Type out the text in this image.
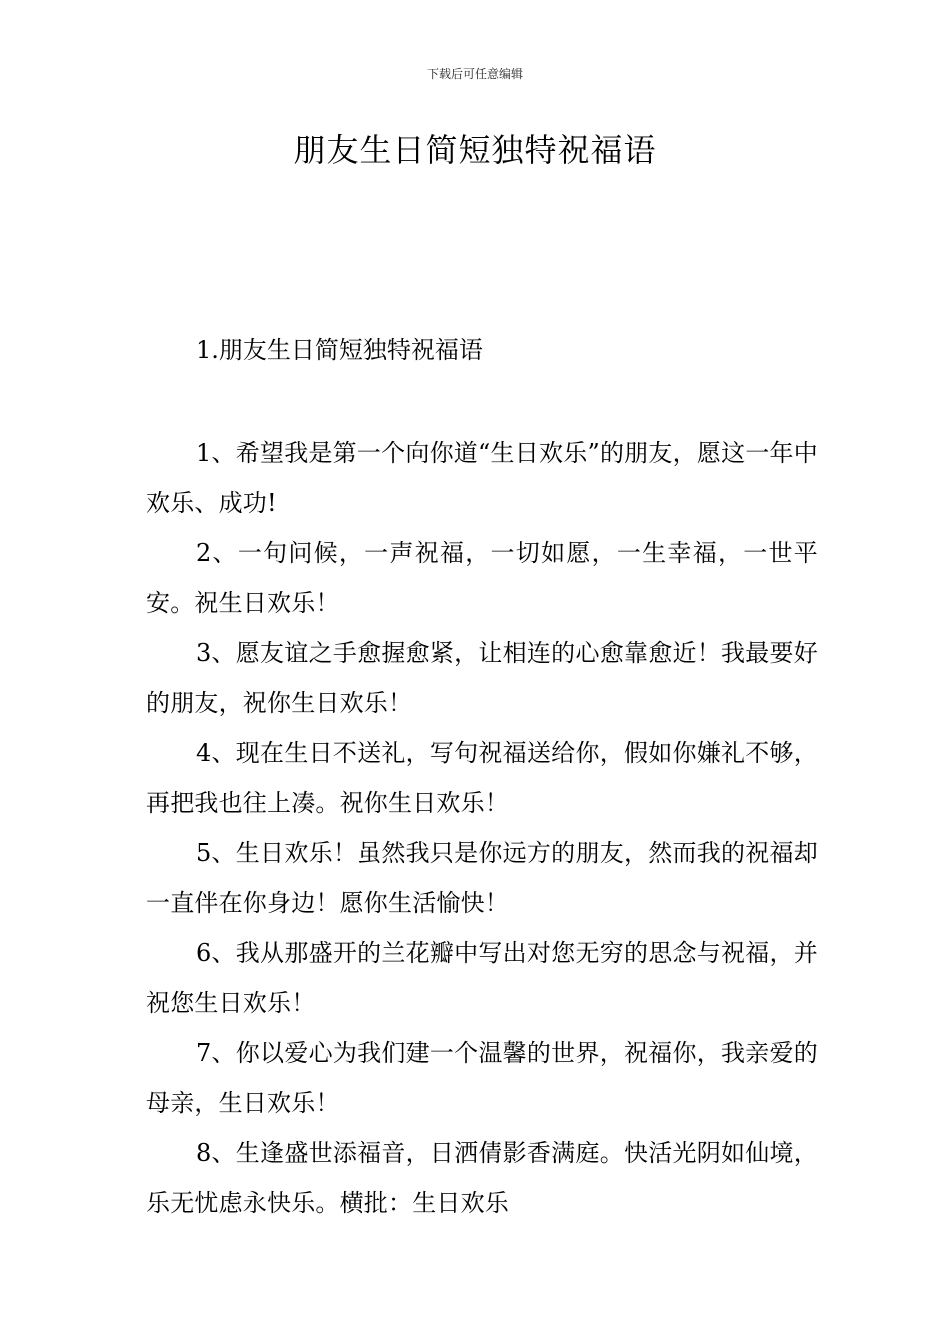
下载后可任意编辑
朋友生日简短独特祝福语
1.朋友生日简短独特祝福语
1、希望我是第一个向你道“生日欢乐”的朋友，愿这一年中欢乐、成功!
2、一句问候，一声祝福，一切如愿，一生幸福，一世平安。祝生日欢乐！
3、愿友谊之手愈握愈紧，让相连的心愈靠愈近！我最要好的朋友，祝你生日欢乐！
4、现在生日不送礼，写句祝福送给你，假如你嫌礼不够，再把我也往上凑。祝你生日欢乐！
5、生日欢乐！虽然我只是你远方的朋友，然而我的祝福却一直伴在你身边！愿你生活愉快！
6、我从那盛开的兰花瓣中写出对您无穷的思念与祝福，并祝您生日欢乐！
7、你以爱心为我们建一个温馨的世界，祝福你，我亲爱的母亲，生日欢乐！
8、生逢盛世添福音，日洒倩影香满庭。快活光阴如仙境，乐无忧虑永快乐。横批：生日欢乐
